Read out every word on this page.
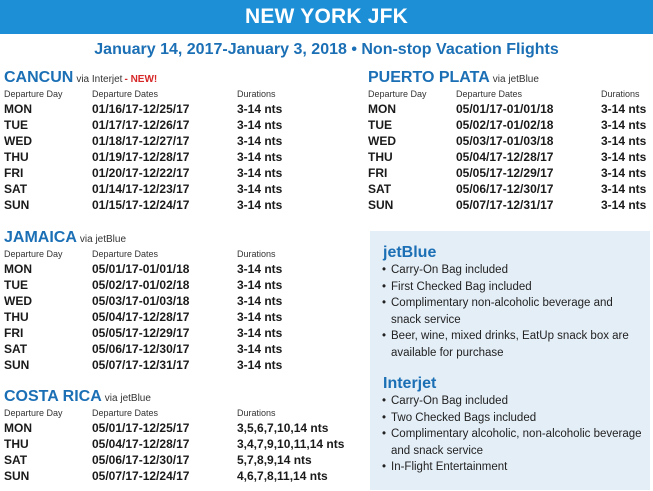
NEW YORK JFK
January 14, 2017-January 3, 2018 • Non-stop Vacation Flights
CANCUN via Interjet - NEW!
Departure Day	Departure Dates	Durations
MON	01/16/17-12/25/17	3-14 nts
TUE	01/17/17-12/26/17	3-14 nts
WED	01/18/17-12/27/17	3-14 nts
THU	01/19/17-12/28/17	3-14 nts
FRI	01/20/17-12/22/17	3-14 nts
SAT	01/14/17-12/23/17	3-14 nts
SUN	01/15/17-12/24/17	3-14 nts
PUERTO PLATA via jetBlue
Departure Day	Departure Dates	Durations
MON	05/01/17-01/01/18	3-14 nts
TUE	05/02/17-01/02/18	3-14 nts
WED	05/03/17-01/03/18	3-14 nts
THU	05/04/17-12/28/17	3-14 nts
FRI	05/05/17-12/29/17	3-14 nts
SAT	05/06/17-12/30/17	3-14 nts
SUN	05/07/17-12/31/17	3-14 nts
JAMAICA via jetBlue
Departure Day	Departure Dates	Durations
MON	05/01/17-01/01/18	3-14 nts
TUE	05/02/17-01/02/18	3-14 nts
WED	05/03/17-01/03/18	3-14 nts
THU	05/04/17-12/28/17	3-14 nts
FRI	05/05/17-12/29/17	3-14 nts
SAT	05/06/17-12/30/17	3-14 nts
SUN	05/07/17-12/31/17	3-14 nts
COSTA RICA via jetBlue
Departure Day	Departure Dates	Durations
MON	05/01/17-12/25/17	3,5,6,7,10,14 nts
THU	05/04/17-12/28/17	3,4,7,9,10,11,14 nts
SAT	05/06/17-12/30/17	5,7,8,9,14 nts
SUN	05/07/17-12/24/17	4,6,7,8,11,14 nts
jetBlue
• Carry-On Bag included
• First Checked Bag included
• Complimentary non-alcoholic beverage and snack service
• Beer, wine, mixed drinks, EatUp snack box are available for purchase
Interjet
• Carry-On Bag included
• Two Checked Bags included
• Complimentary alcoholic, non-alcoholic beverage and snack service
• In-Flight Entertainment
